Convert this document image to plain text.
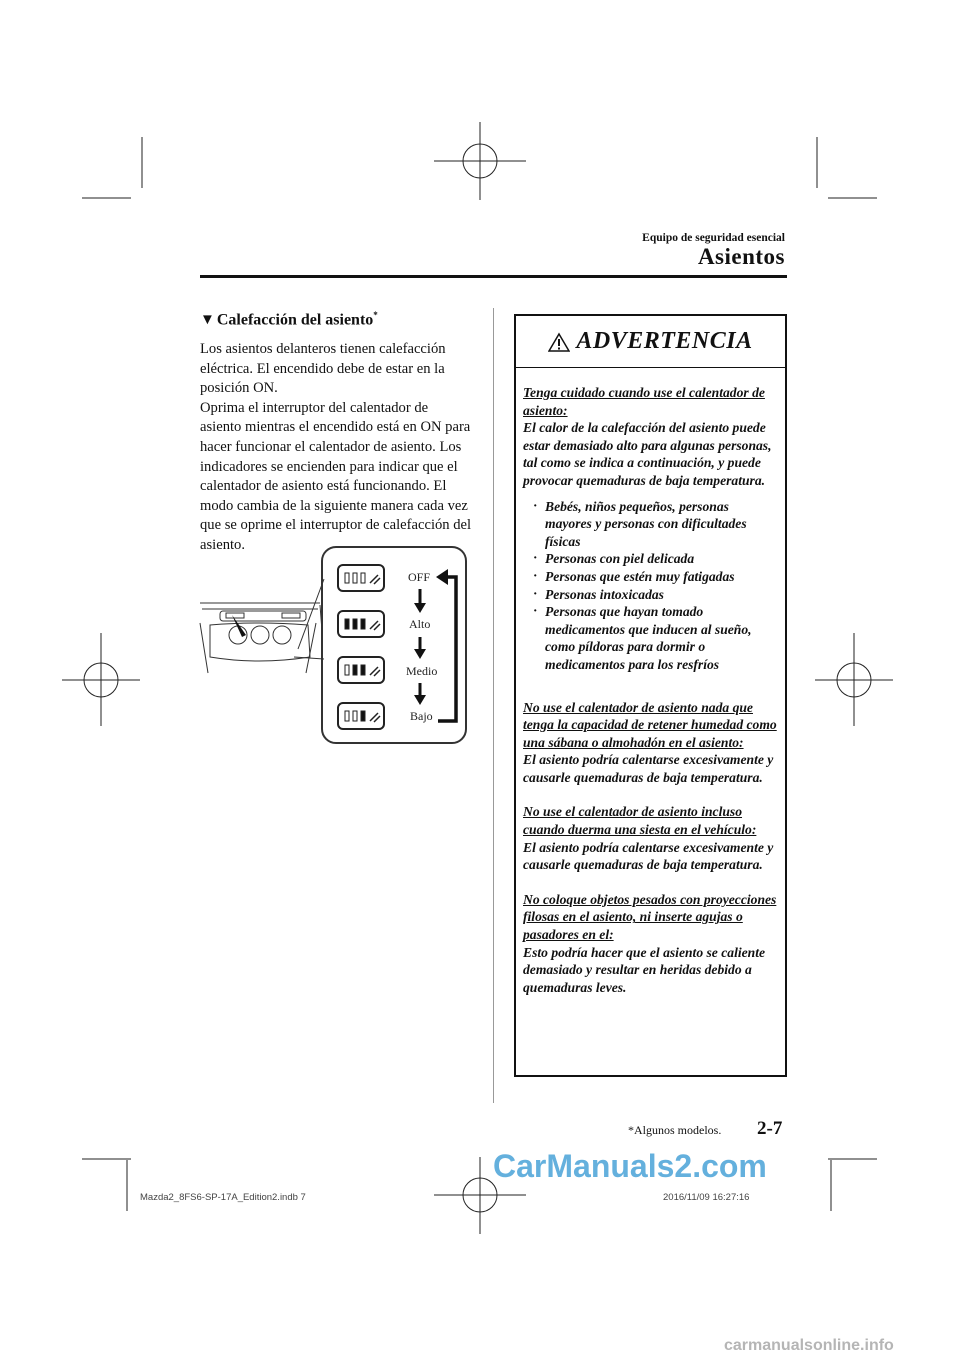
Equipo de seguridad esencial
Asientos
▼ Calefacción del asiento*

Los asientos delanteros tienen calefacción eléctrica. El encendido debe de estar en la posición ON.

Oprima el interruptor del calentador de asiento mientras el encendido está en ON para hacer funcionar el calentador de asiento. Los indicadores se encienden para indicar que el calentador de asiento está funcionando. El modo cambia de la siguiente manera cada vez que se oprime el interruptor de calefacción del asiento.

OFF
Alto
Medio
Bajo
ADVERTENCIA

Tenga cuidado cuando use el calentador de asiento:

El calor de la calefacción del asiento puede estar demasiado alto para algunas personas, tal como se indica a continuación, y puede provocar quemaduras de baja temperatura.

· Bebés, niños pequeños, personas mayores y personas con dificultades físicas
· Personas con piel delicada
· Personas que estén muy fatigadas
· Personas intoxicadas
· Personas que hayan tomado medicamentos que inducen al sueño, como píldoras para dormir o medicamentos para los resfríos

No use el calentador de asiento nada que tenga la capacidad de retener humedad como una sábana o almohadón en el asiento:

El asiento podría calentarse excesivamente y causarle quemaduras de baja temperatura.

No use el calentador de asiento incluso cuando duerma una siesta en el vehículo:

El asiento podría calentarse excesivamente y causarle quemaduras de baja temperatura.

No coloque objetos pesados con proyecciones filosas en el asiento, ni inserte agujas o pasadores en el:

Esto podría hacer que el asiento se caliente demasiado y resultar en heridas debido a quemaduras leves.

*Algunos modelos. 2-7
CarManuals2.com
Mazda2_8FS6-SP-17A_Edition2.indb 7	2016/11/09 16:27:16
carmanualsonline.info
